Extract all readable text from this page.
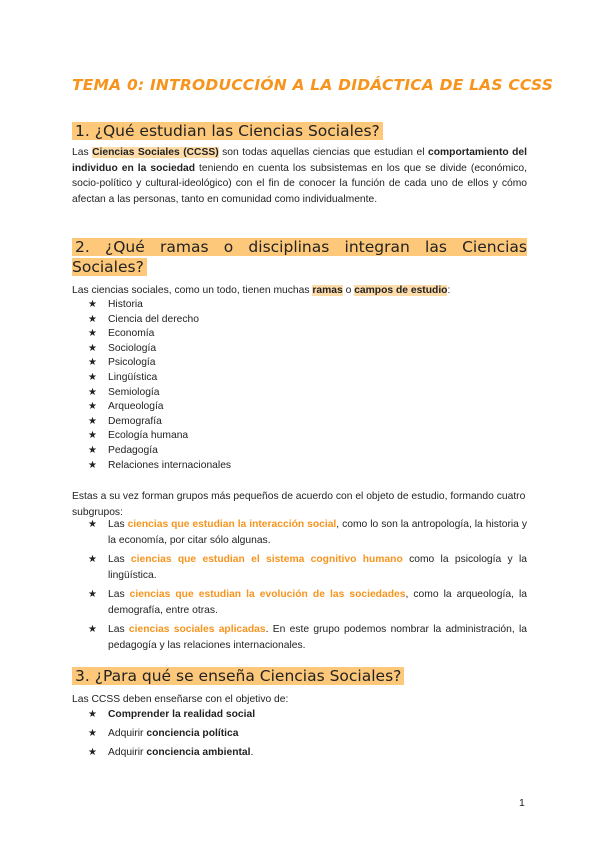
TEMA 0: INTRODUCCIÓN A LA DIDÁCTICA DE LAS CCSS
1. ¿Qué estudian las Ciencias Sociales?
Las Ciencias Sociales (CCSS) son todas aquellas ciencias que estudian el comportamiento del individuo en la sociedad teniendo en cuenta los subsistemas en los que se divide (económico, socio-político y cultural-ideológico) con el fin de conocer la función de cada uno de ellos y cómo afectan a las personas, tanto en comunidad como individualmente.
2. ¿Qué ramas o disciplinas integran las Ciencias Sociales?
Las ciencias sociales, como un todo, tienen muchas ramas o campos de estudio:
★ Historia
★ Ciencia del derecho
★ Economía
★ Sociología
★ Psicología
★ Lingüística
★ Semiología
★ Arqueología
★ Demografía
★ Ecología humana
★ Pedagogía
★ Relaciones internacionales
Estas a su vez forman grupos más pequeños de acuerdo con el objeto de estudio, formando cuatro subgrupos:
★ Las ciencias que estudian la interacción social, como lo son la antropología, la historia y la economía, por citar sólo algunas.
★ Las ciencias que estudian el sistema cognitivo humano como la psicología y la lingüística.
★ Las ciencias que estudian la evolución de las sociedades, como la arqueología, la demografía, entre otras.
★ Las ciencias sociales aplicadas. En este grupo podemos nombrar la administración, la pedagogía y las relaciones internacionales.
3. ¿Para qué se enseña Ciencias Sociales?
Las CCSS deben enseñarse con el objetivo de:
★ Comprender la realidad social
★ Adquirir conciencia política
★ Adquirir conciencia ambiental.
1
